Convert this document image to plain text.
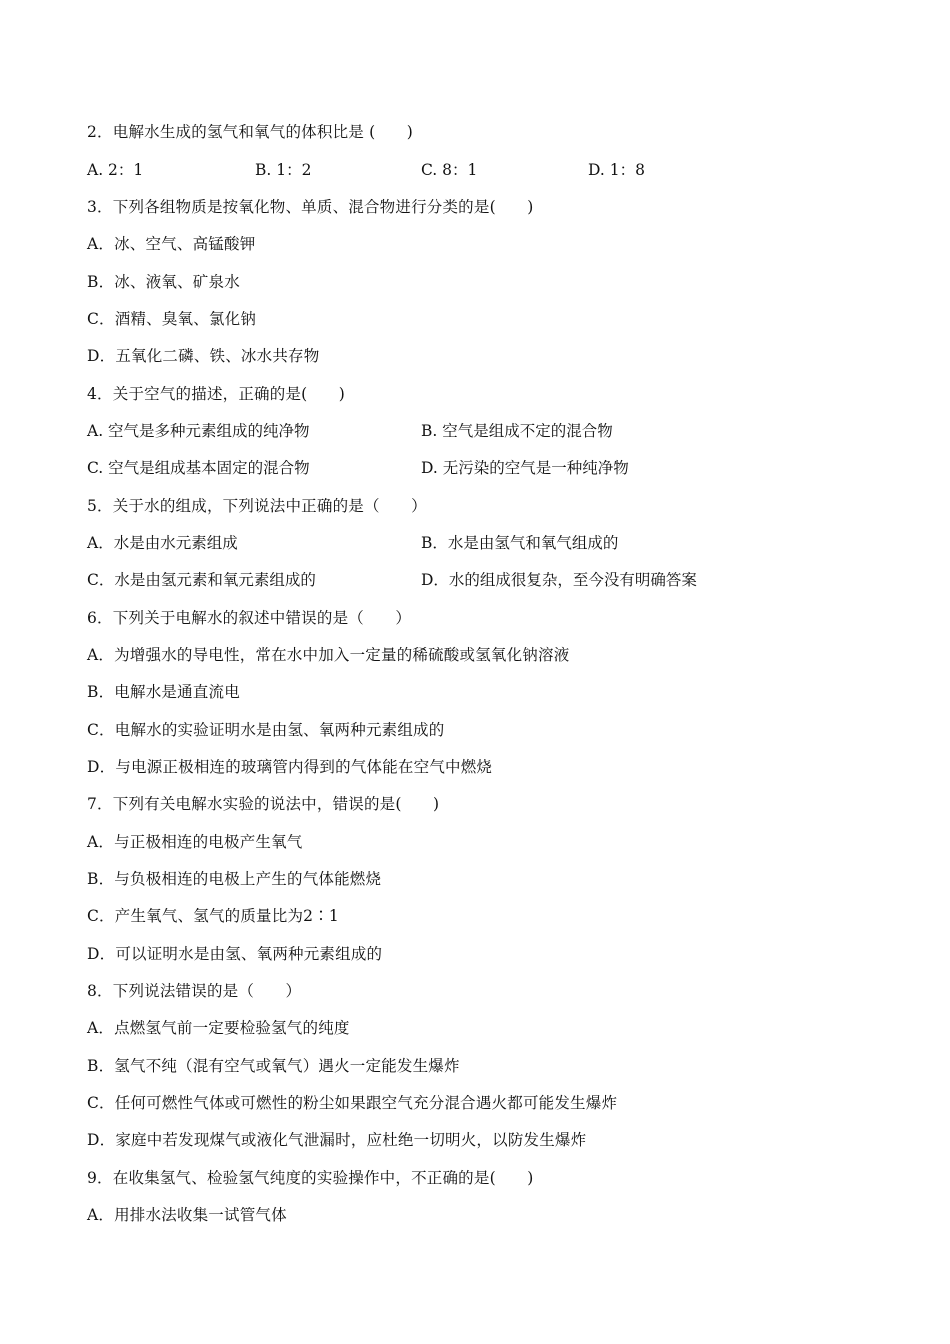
2．电解水生成的氢气和氧气的体积比是 (　　)
A. 2：1	B. 1：2	C. 8：1	D. 1：8
3．下列各组物质是按氧化物、单质、混合物进行分类的是(　　)
A．冰、空气、高锰酸钾
B．冰、液氧、矿泉水
C．酒精、臭氧、氯化钠
D．五氧化二磷、铁、冰水共存物
4．关于空气的描述，正确的是(　　)
A. 空气是多种元素组成的纯净物	B. 空气是组成不定的混合物
C. 空气是组成基本固定的混合物	D. 无污染的空气是一种纯净物
5．关于水的组成，下列说法中正确的是（　　）
A．水是由水元素组成	B．水是由氢气和氧气组成的
C．水是由氢元素和氧元素组成的	D．水的组成很复杂，至今没有明确答案
6．下列关于电解水的叙述中错误的是（　　）
A．为增强水的导电性，常在水中加入一定量的稀硫酸或氢氧化钠溶液
B．电解水是通直流电
C．电解水的实验证明水是由氢、氧两种元素组成的
D．与电源正极相连的玻璃管内得到的气体能在空气中燃烧
7．下列有关电解水实验的说法中，错误的是(　　)
A．与正极相连的电极产生氧气
B．与负极相连的电极上产生的气体能燃烧
C．产生氧气、氢气的质量比为2∶1
D．可以证明水是由氢、氧两种元素组成的
8．下列说法错误的是（　　）
A．点燃氢气前一定要检验氢气的纯度
B．氢气不纯（混有空气或氧气）遇火一定能发生爆炸
C．任何可燃性气体或可燃性的粉尘如果跟空气充分混合遇火都可能发生爆炸
D．家庭中若发现煤气或液化气泄漏时，应杜绝一切明火，以防发生爆炸
9．在收集氢气、检验氢气纯度的实验操作中，不正确的是(　　)
A．用排水法收集一试管气体
